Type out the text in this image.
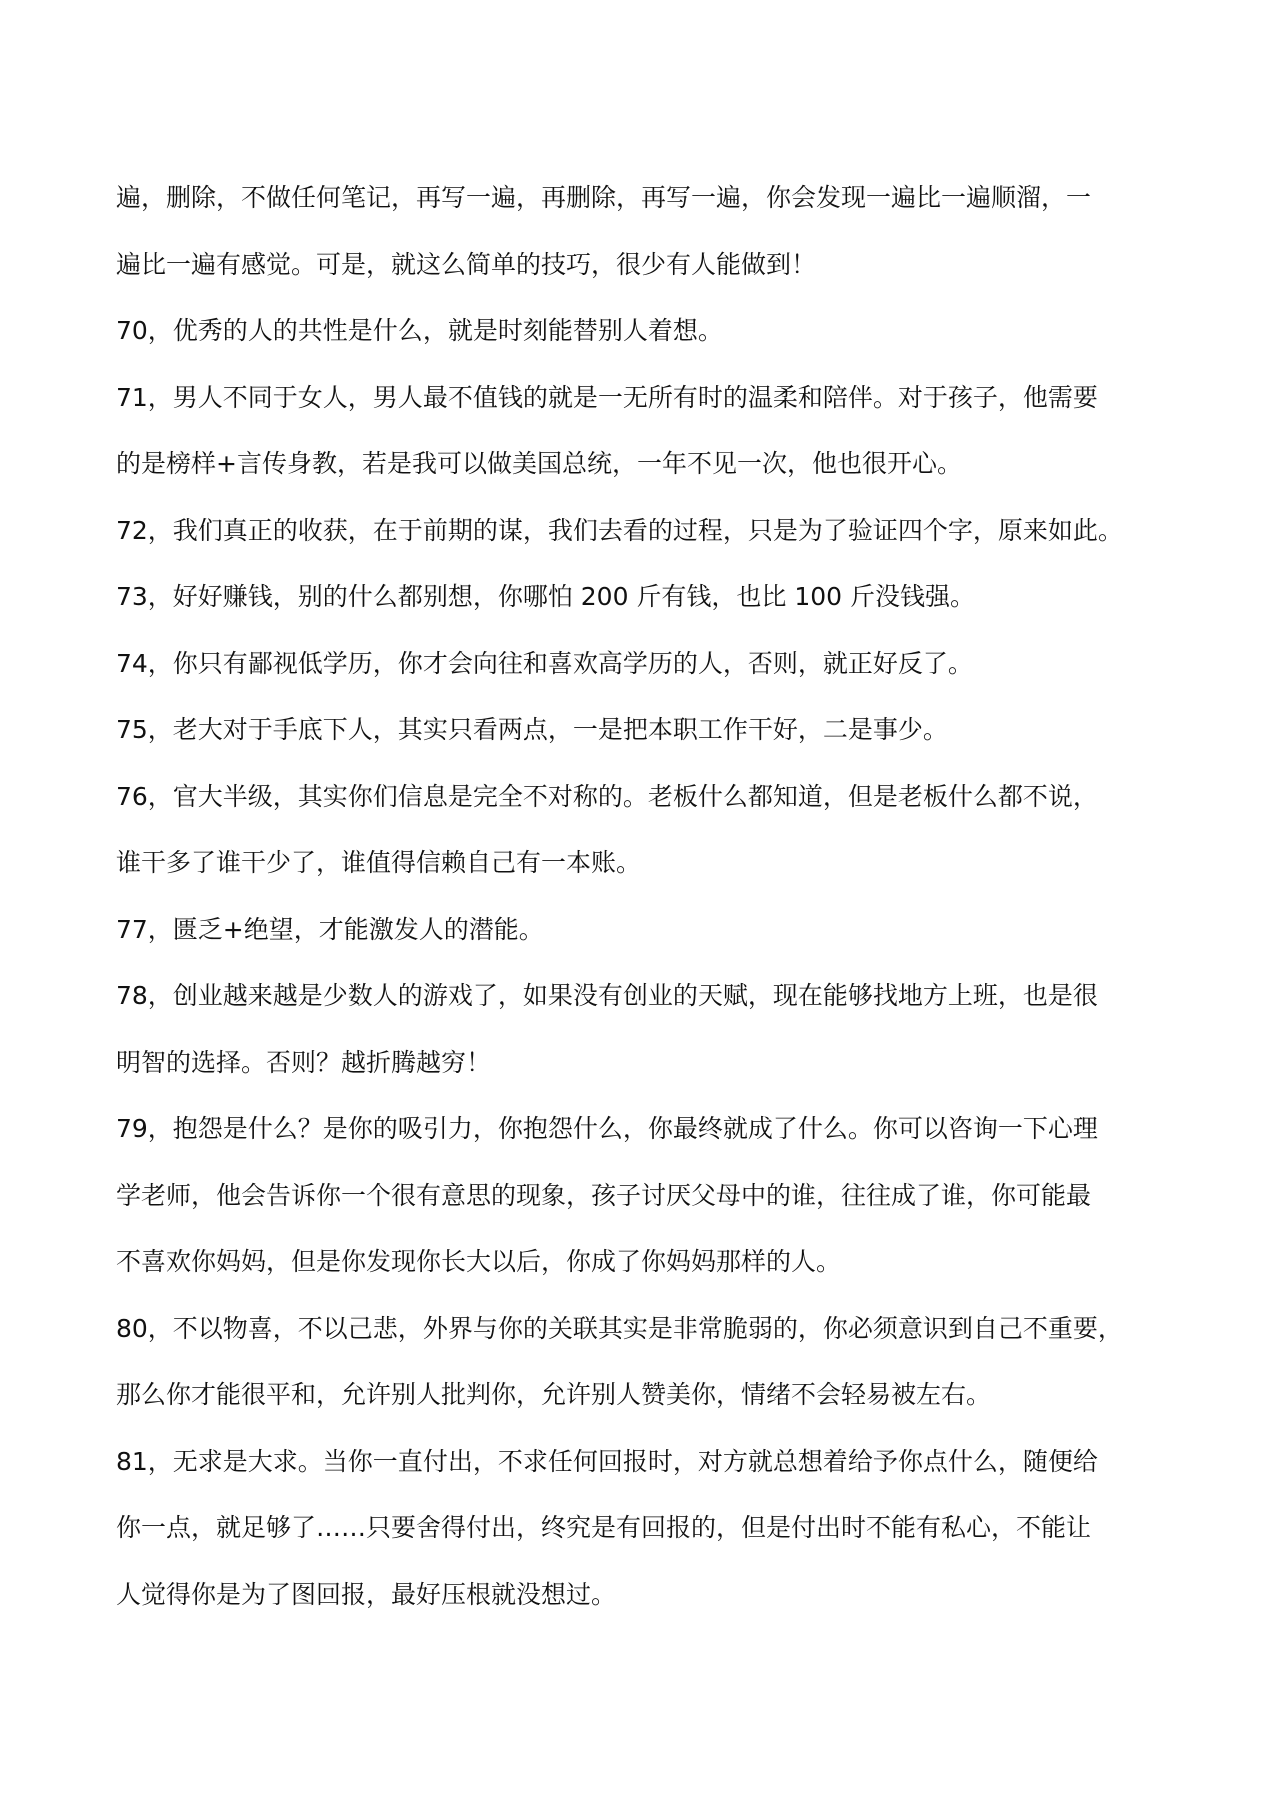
遍，删除，不做任何笔记，再写一遍，再删除，再写一遍，你会发现一遍比一遍顺溜，一
遍比一遍有感觉。可是，就这么简单的技巧，很少有人能做到！

70，优秀的人的共性是什么，就是时刻能替别人着想。

71，男人不同于女人，男人最不值钱的就是一无所有时的温柔和陪伴。对于孩子，他需要
的是榜样+言传身教，若是我可以做美国总统，一年不见一次，他也很开心。

72，我们真正的收获，在于前期的谋，我们去看的过程，只是为了验证四个字，原来如此。

73，好好赚钱，别的什么都别想，你哪怕 200 斤有钱，也比 100 斤没钱强。

74，你只有鄙视低学历，你才会向往和喜欢高学历的人，否则，就正好反了。

75，老大对于手底下人，其实只看两点，一是把本职工作干好，二是事少。

76，官大半级，其实你们信息是完全不对称的。老板什么都知道，但是老板什么都不说，
谁干多了谁干少了，谁值得信赖自己有一本账。

77，匮乏+绝望，才能激发人的潜能。

78，创业越来越是少数人的游戏了，如果没有创业的天赋，现在能够找地方上班，也是很
明智的选择。否则？越折腾越穷！

79，抱怨是什么？是你的吸引力，你抱怨什么，你最终就成了什么。你可以咨询一下心理
学老师，他会告诉你一个很有意思的现象，孩子讨厌父母中的谁，往往成了谁，你可能最
不喜欢你妈妈，但是你发现你长大以后，你成了你妈妈那样的人。

80，不以物喜，不以己悲，外界与你的关联其实是非常脆弱的，你必须意识到自己不重要，
那么你才能很平和，允许别人批判你，允许别人赞美你，情绪不会轻易被左右。

81，无求是大求。当你一直付出，不求任何回报时，对方就总想着给予你点什么，随便给
你一点，就足够了……只要舍得付出，终究是有回报的，但是付出时不能有私心，不能让
人觉得你是为了图回报，最好压根就没想过。
